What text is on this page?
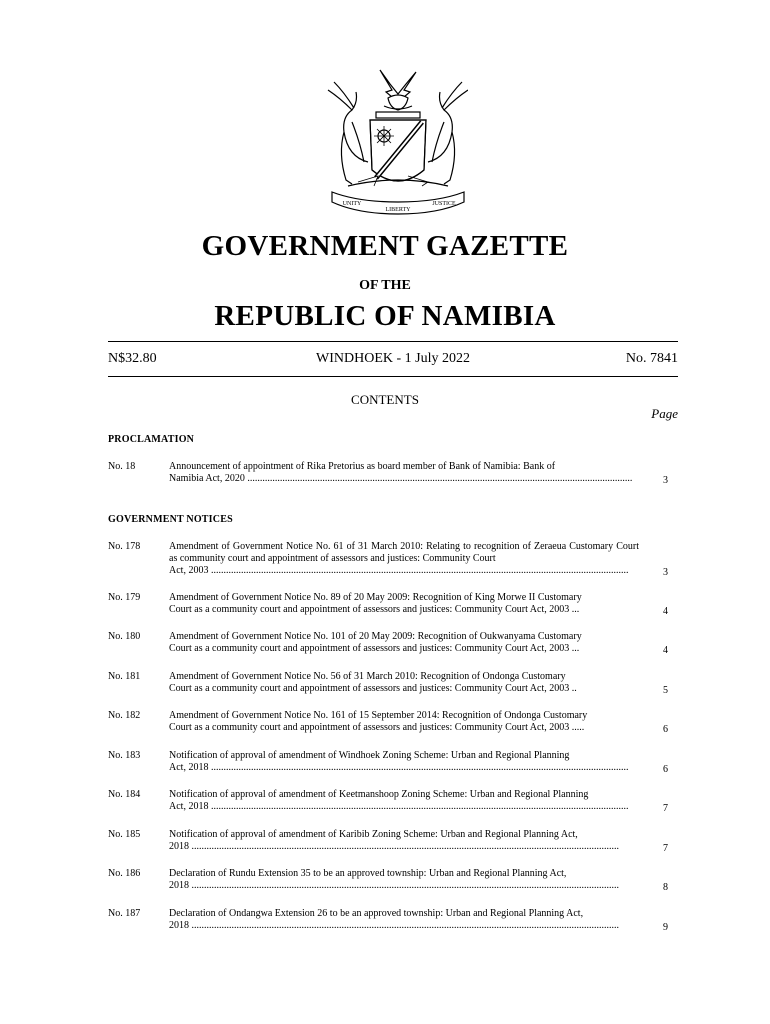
UNITY
LIBERTY
JUSTICE
GOVERNMENT GAZETTE
OF THE
REPUBLIC OF NAMIBIA
N$32.80	WINDHOEK - 1 July 2022	No. 7841
CONTENTS
Page
PROCLAMATION
No. 18	Announcement of appointment of Rika Pretorius as board member of Bank of Namibia: Bank of
Namibia Act, 2020 ..........................................................................................................................................................	3
GOVERNMENT NOTICES
No. 178	Amendment of Government Notice No. 61 of 31 March 2010: Relating to recognition of Zeraeua Customary Court as community court and appointment of assessors and justices: Community Court
Act, 2003 .......................................................................................................................................................................	3
No. 179	Amendment of Government Notice No. 89 of 20 May 2009: Recognition of King Morwe II Customary
Court as a community court and appointment of assessors and justices: Community Court Act, 2003 ...	4
No. 180	Amendment of Government Notice No. 101 of 20 May 2009: Recognition of Oukwanyama Customary
Court as a community court and appointment of assessors and justices: Community Court Act, 2003 ...	4
No. 181	Amendment of Government Notice No. 56 of 31 March 2010: Recognition of Ondonga Customary
Court as a community court and appointment of assessors and justices: Community Court Act, 2003 ..	5
No. 182	Amendment of Government Notice No. 161 of 15 September 2014: Recognition of Ondonga Customary
Court as a community court and appointment of assessors and justices: Community Court Act, 2003 .....	6
No. 183	Notification of approval of amendment of Windhoek Zoning Scheme: Urban and Regional Planning
Act, 2018 .......................................................................................................................................................................	6
No. 184	Notification of approval of amendment of Keetmanshoop Zoning Scheme: Urban and Regional Planning
Act, 2018 .......................................................................................................................................................................	7
No. 185	Notification of approval of amendment of Karibib Zoning Scheme: Urban and Regional Planning Act,
2018 ...........................................................................................................................................................................	7
No. 186	Declaration of Rundu Extension 35 to be an approved township: Urban and Regional Planning Act,
2018 ...........................................................................................................................................................................	8
No. 187	Declaration of Ondangwa Extension 26 to be an approved township: Urban and Regional Planning Act,
2018 ...........................................................................................................................................................................	9
